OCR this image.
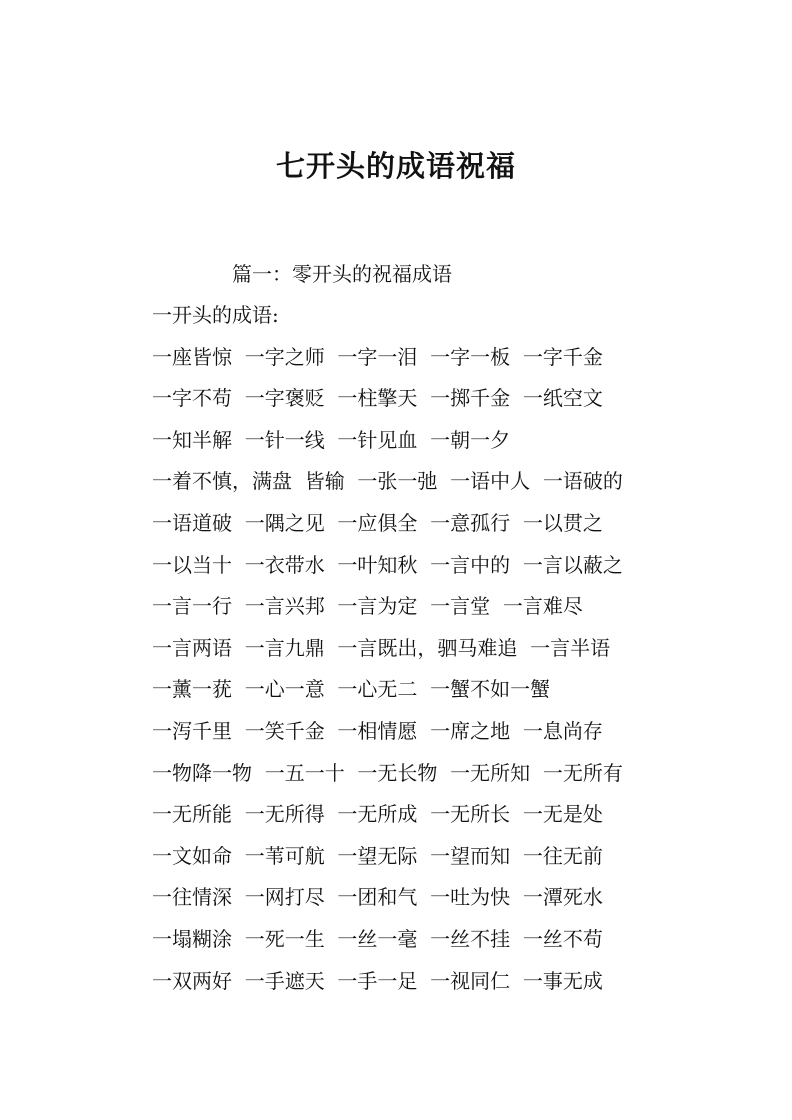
七开头的成语祝福

篇一：零开头的祝福成语

一开头的成语:

一座皆惊  一字之师  一字一泪  一字一板  一字千金

一字不苟  一字褒贬  一柱擎天  一掷千金  一纸空文

一知半解  一针一线  一针见血  一朝一夕

一着不慎，满盘  皆输  一张一弛  一语中人  一语破的

一语道破  一隅之见  一应俱全  一意孤行  一以贯之

一以当十  一衣带水  一叶知秋  一言中的  一言以蔽之

一言一行  一言兴邦  一言为定  一言堂  一言难尽

一言两语  一言九鼎  一言既出，驷马难追  一言半语

一薰一莸  一心一意  一心无二  一蟹不如一蟹

一泻千里  一笑千金  一相情愿  一席之地  一息尚存

一物降一物  一五一十  一无长物  一无所知  一无所有

一无所能  一无所得  一无所成  一无所长  一无是处

一文如命  一苇可航  一望无际  一望而知  一往无前

一往情深  一网打尽  一团和气  一吐为快  一潭死水

一塌糊涂  一死一生  一丝一毫  一丝不挂  一丝不苟

一双两好  一手遮天  一手一足  一视同仁  一事无成
